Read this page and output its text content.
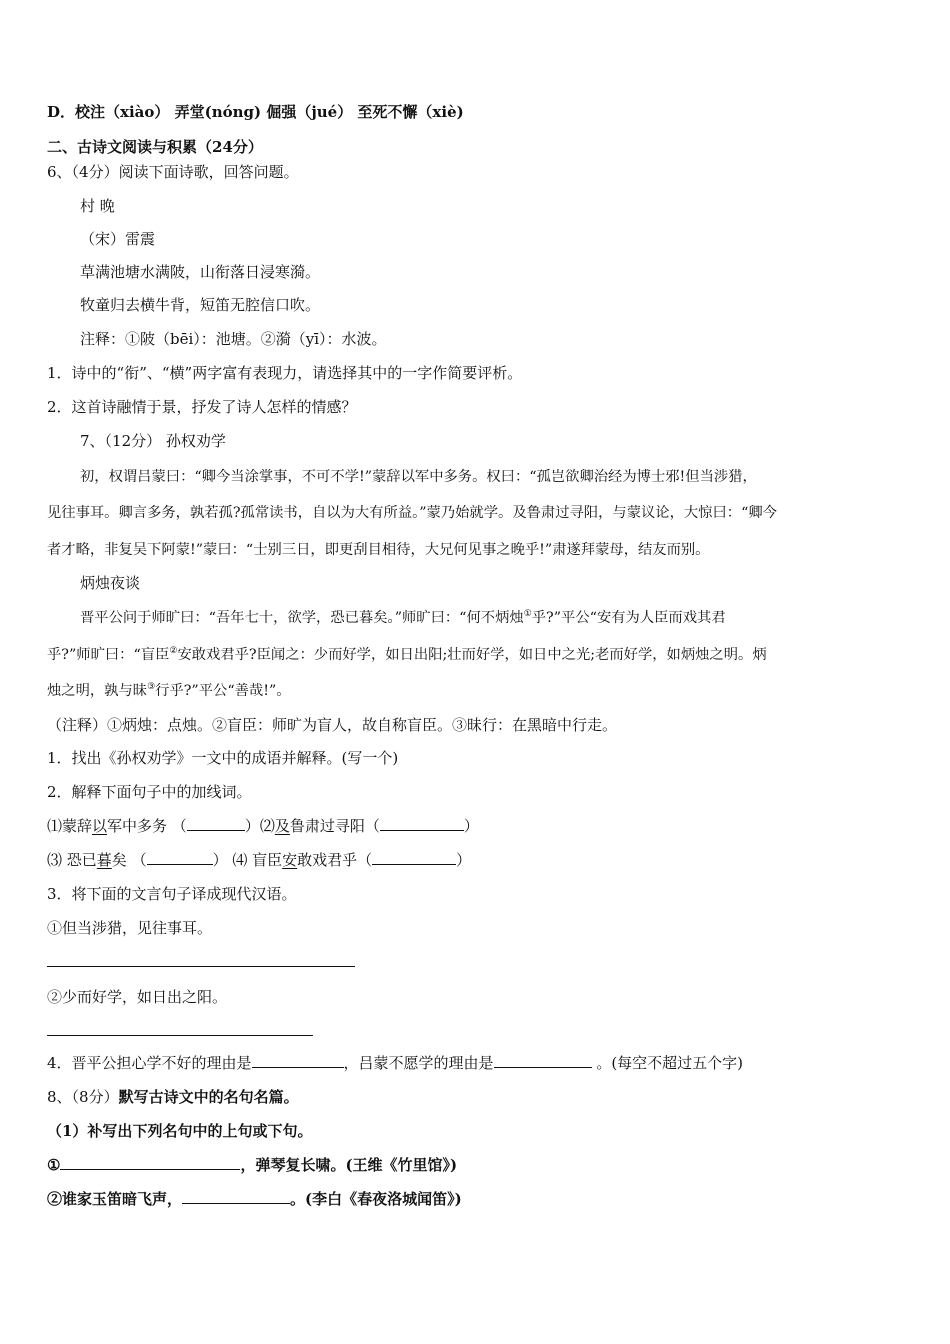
D．校注（xiào） 弄堂(nóng) 倔强（jué） 至死不懈（xiè)
二、古诗文阅读与积累（24分）
6、（4分）阅读下面诗歌，回答问题。
村 晚
（宋）雷震
草满池塘水满陂，山衔落日浸寒漪。
牧童归去横牛背，短笛无腔信口吹。
注释：①陂（bēi）：池塘。②漪（yī）：水波。
1．诗中的“衔”、“横”两字富有表现力，请选择其中的一字作简要评析。
2．这首诗融情于景，抒发了诗人怎样的情感？
7、（12分） 孙权劝学
初，权谓吕蒙曰：“卿今当涂掌事，不可不学!”蒙辞以军中多务。权曰：“孤岂欲卿治经为博士邪!但当涉猎，
见往事耳。卿言多务，孰若孤?孤常读书，自以为大有所益。”蒙乃始就学。及鲁肃过寻阳，与蒙议论，大惊曰：“卿今
者才略，非复吴下阿蒙!”蒙曰：“士别三日，即更刮目相待，大兄何见事之晚乎!”肃遂拜蒙母，结友而别。
炳烛夜谈
晋平公问于师旷曰：“吾年七十，欲学，恐已暮矣。”师旷曰：“何不炳烛①乎?”平公“安有为人臣而戏其君
乎?”师旷曰：“盲臣②安敢戏君乎?臣闻之：少而好学，如日出阳;壮而好学，如日中之光;老而好学，如炳烛之明。炳
烛之明，孰与昧③行乎?”平公“善哉!”。
（注释）①炳烛：点烛。②盲臣：师旷为盲人，故自称盲臣。③昧行：在黑暗中行走。
1．找出《孙权劝学》一文中的成语并解释。(写一个)
2．解释下面句子中的加线词。
⑴蒙辞以军中多务 （	）⑵及鲁肃过寻阳（	）
⑶ 恐已暮矣 （	） ⑷ 盲臣安敢戏君乎（	）
3．将下面的文言句子译成现代汉语。
①但当涉猎，见往事耳。
②少而好学，如日出之阳。
4．晋平公担心学不好的理由是	，吕蒙不愿学的理由是	。(每空不超过五个字)
8、（8分）默写古诗文中的名句名篇。
（1）补写出下列名句中的上句或下句。
①	，弹琴复长啸。(王维《竹里馆》)
②谁家玉笛暗飞声，	。(李白《春夜洛城闻笛》)
